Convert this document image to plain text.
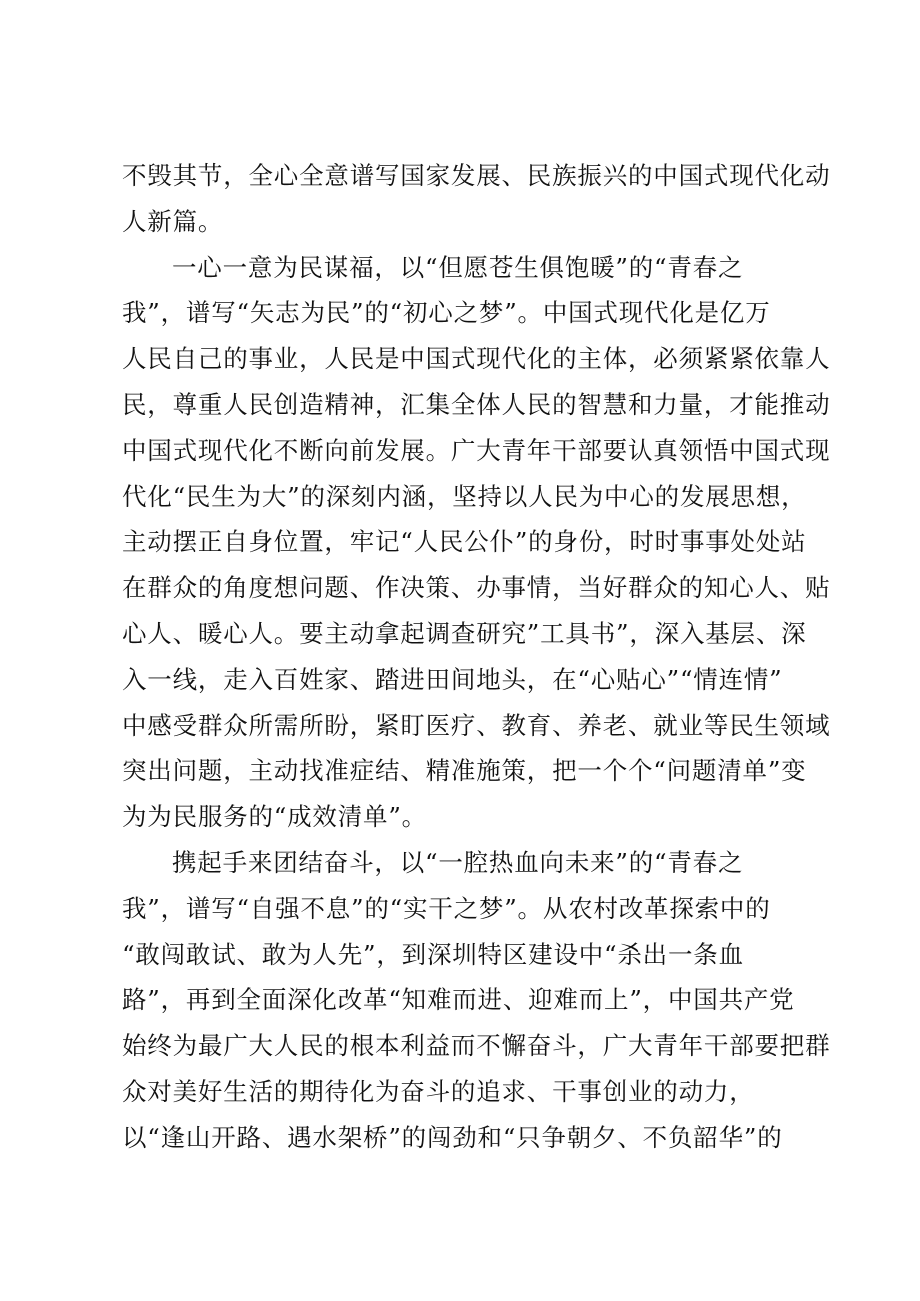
不毁其节，全心全意谱写国家发展、民族振兴的中国式现代化动
人新篇。
一心一意为民谋福，以“但愿苍生俱饱暖”的“青春之
我”，谱写“矢志为民”的“初心之梦”。中国式现代化是亿万
人民自己的事业，人民是中国式现代化的主体，必须紧紧依靠人
民，尊重人民创造精神，汇集全体人民的智慧和力量，才能推动
中国式现代化不断向前发展。广大青年干部要认真领悟中国式现
代化“民生为大”的深刻内涵，坚持以人民为中心的发展思想，
主动摆正自身位置，牢记“人民公仆”的身份，时时事事处处站
在群众的角度想问题、作决策、办事情，当好群众的知心人、贴
心人、暖心人。要主动拿起调查研究”工具书”，深入基层、深
入一线，走入百姓家、踏进田间地头，在“心贴心”“情连情”
中感受群众所需所盼，紧盯医疗、教育、养老、就业等民生领域
突出问题，主动找准症结、精准施策，把一个个“问题清单”变
为为民服务的“成效清单”。
携起手来团结奋斗，以“一腔热血向未来”的“青春之
我”，谱写“自强不息”的“实干之梦”。从农村改革探索中的
“敢闯敢试、敢为人先”，到深圳特区建设中“杀出一条血
路”，再到全面深化改革“知难而进、迎难而上”，中国共产党
始终为最广大人民的根本利益而不懈奋斗，广大青年干部要把群
众对美好生活的期待化为奋斗的追求、干事创业的动力，
以“逢山开路、遇水架桥”的闯劲和“只争朝夕、不负韶华”的
